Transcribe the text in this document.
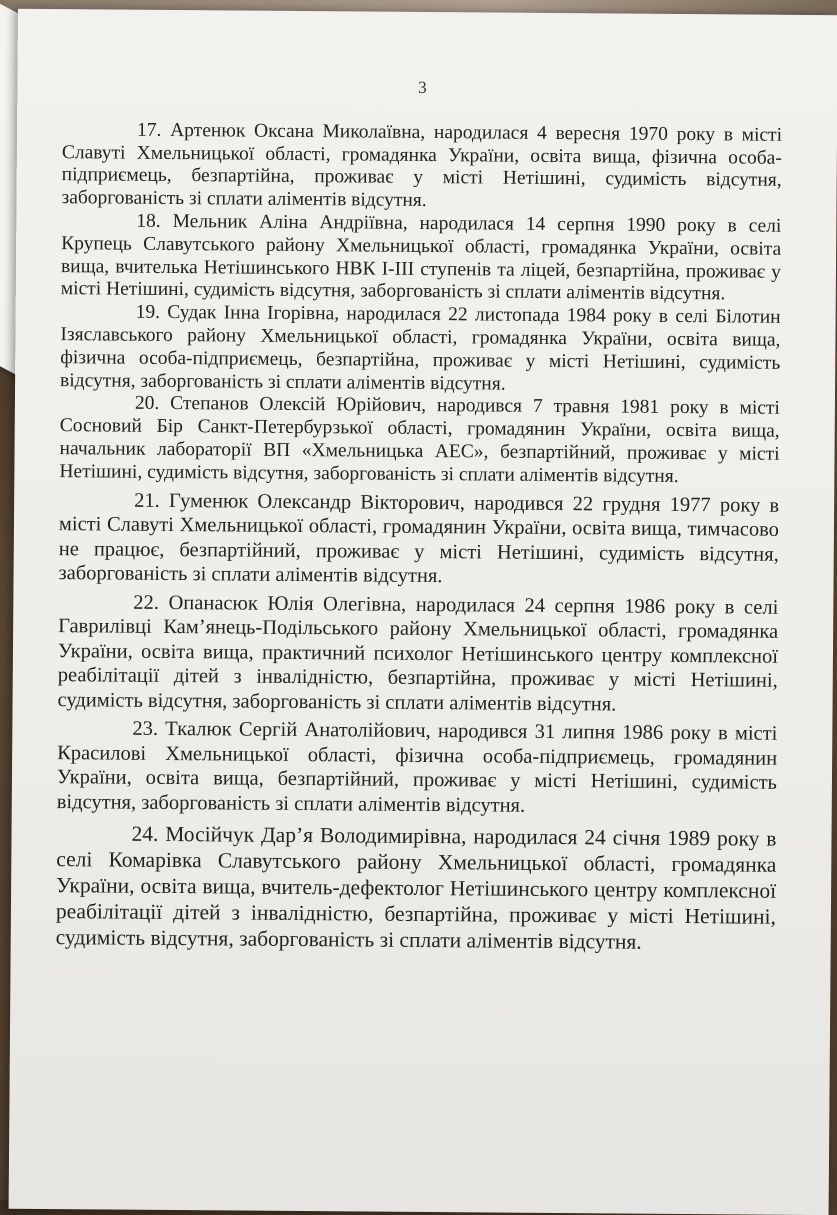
3

17. Артенюк Оксана Миколаївна, народилася 4 вересня 1970 року в місті Славуті Хмельницької області, громадянка України, освіта вища, фізична особа-підприємець, безпартійна, проживає у місті Нетішині, судимість відсутня, заборгованість зі сплати аліментів відсутня.

18. Мельник Аліна Андріївна, народилася 14 серпня 1990 року в селі Крупець Славутського району Хмельницької області, громадянка України, освіта вища, вчителька Нетішинського НВК І-ІІІ ступенів та ліцей, безпартійна, проживає у місті Нетішині, судимість відсутня, заборгованість зі сплати аліментів відсутня.

19. Судак Інна Ігорівна, народилася 22 листопада 1984 року в селі Білотин Ізяславського району Хмельницької області, громадянка України, освіта вища, фізична особа-підприємець, безпартійна, проживає у місті Нетішині, судимість відсутня, заборгованість зі сплати аліментів відсутня.

20. Степанов Олексій Юрійович, народився 7 травня 1981 року в місті Сосновий Бір Санкт-Петербурзької області, громадянин України, освіта вища, начальник лабораторії ВП «Хмельницька АЕС», безпартійний, проживає у місті Нетішині, судимість відсутня, заборгованість зі сплати аліментів відсутня.

21. Гуменюк Олександр Вікторович, народився 22 грудня 1977 року в місті Славуті Хмельницької області, громадянин України, освіта вища, тимчасово не працює, безпартійний, проживає у місті Нетішині, судимість відсутня, заборгованість зі сплати аліментів відсутня.

22. Опанасюк Юлія Олегівна, народилася 24 серпня 1986 року в селі Гаврилівці Кам’янець-Подільського району Хмельницької області, громадянка України, освіта вища, практичний психолог Нетішинського центру комплексної реабілітації дітей з інвалідністю, безпартійна, проживає у місті Нетішині, судимість відсутня, заборгованість зі сплати аліментів відсутня.

23. Ткалюк Сергій Анатолійович, народився 31 липня 1986 року в місті Красилові Хмельницької області, фізична особа-підприємець, громадянин України, освіта вища, безпартійний, проживає у місті Нетішині, судимість відсутня, заборгованість зі сплати аліментів відсутня.

24. Мосійчук Дар’я Володимирівна, народилася 24 січня 1989 року в селі Комарівка Славутського району Хмельницької області, громадянка України, освіта вища, вчитель-дефектолог Нетішинського центру комплексної реабілітації дітей з інвалідністю, безпартійна, проживає у місті Нетішині, судимість відсутня, заборгованість зі сплати аліментів відсутня.
